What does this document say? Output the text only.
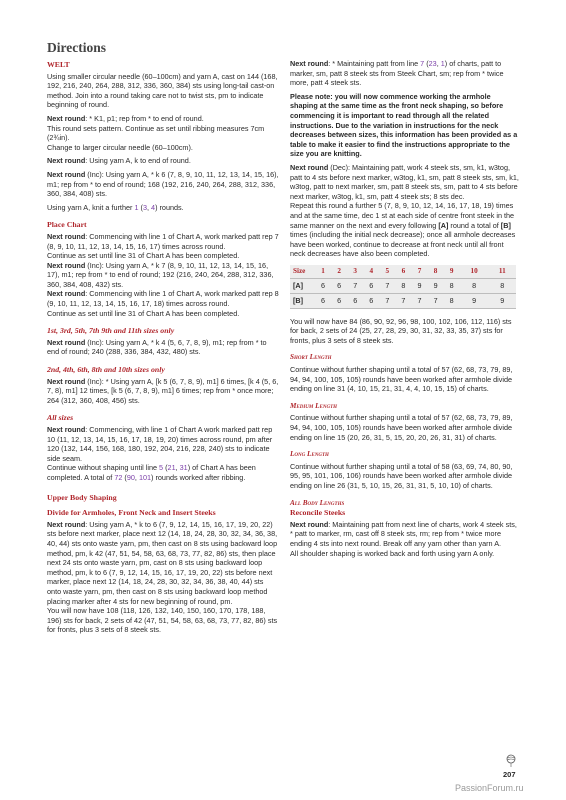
Directions
WELT

Using smaller circular needle (60–100cm) and yarn A, cast on 144 (168, 192, 216, 240, 264, 288, 312, 336, 360, 384) sts using long-tail cast-on method. Join into a round taking care not to twist sts, pm to indicate beginning of round.

Next round: * K1, p1; rep from * to end of round.
This round sets pattern. Continue as set until ribbing measures 7cm (2¾in).
Change to larger circular needle (60–100cm).

Next round: Using yarn A, k to end of round.

Next round (Inc): Using yarn A, * k 6 (7, 8, 9, 10, 11, 12, 13, 14, 15, 16), m1; rep from * to end of round; 168 (192, 216, 240, 264, 288, 312, 336, 360, 384, 408) sts.

Using yarn A, knit a further 1 (3, 4) rounds.

Place Chart

Next round: Commencing with line 1 of Chart A, work marked patt rep 7 (8, 9, 10, 11, 12, 13, 14, 15, 16, 17) times across round.
Continue as set until line 31 of Chart A has been completed.
Next round (Inc): Using yarn A, * k 7 (8, 9, 10, 11, 12, 13, 14, 15, 16, 17), m1; rep from * to end of round; 192 (216, 240, 264, 288, 312, 336, 360, 384, 408, 432) sts.
Next round: Commencing with line 1 of Chart A, work marked patt rep 8 (9, 10, 11, 12, 13, 14, 15, 16, 17, 18) times across round.
Continue as set until line 31 of Chart A has been completed.

1st, 3rd, 5th, 7th 9th and 11th sizes only

Next round (Inc): Using yarn A, * k 4 (5, 6, 7, 8, 9), m1; rep from * to end of round; 240 (288, 336, 384, 432, 480) sts.

2nd, 4th, 6th, 8th and 10th sizes only

Next round (Inc): * Using yarn A, [k 5 (6, 7, 8, 9), m1] 6 times, [k 4 (5, 6, 7, 8), m1] 12 times, [k 5 (6, 7, 8, 9), m1] 6 times; rep from * once more; 264 (312, 360, 408, 456) sts.

All sizes

Next round: Commencing, with line 1 of Chart A work marked patt rep 10 (11, 12, 13, 14, 15, 16, 17, 18, 19, 20) times across round, pm after 120 (132, 144, 156, 168, 180, 192, 204, 216, 228, 240) sts to indicate side seam.
Continue without shaping until line 5 (21, 31) of Chart A has been completed. A total of 72 (90, 101) rounds worked after ribbing.

Upper Body Shaping
Divide for Armholes, Front Neck and Insert Steeks

Next round: Using yarn A, * k to 6 (7, 9, 12, 14, 15, 16, 17, 19, 20, 22) sts before next marker, place next 12 (14, 18, 24, 28, 30, 32, 34, 36, 38, 40, 44) sts onto waste yarn, pm, then cast on 8 sts using backward loop method, pm, k 42 (47, 51, 54, 58, 63, 68, 73, 77, 82, 86) sts, then place next 24 sts onto waste yarn, pm, cast on 8 sts using backward loop method, pm, k to 6 (7, 9, 12, 14, 15, 16, 17, 19, 20, 22) sts before next marker, place next 12 (14, 18, 24, 28, 30, 32, 34, 36, 38, 40, 44) sts onto waste yarn, pm, then cast on 8 sts using backward loop method placing marker after 4 sts for new beginning of round, pm.
You will now have 108 (118, 126, 132, 140, 150, 160, 170, 178, 188, 196) sts for back, 2 sets of 42 (47, 51, 54, 58, 63, 68, 73, 77, 82, 86) sts for fronts, plus 3 sets of 8 steek sts.

Next round: * Maintaining patt from line 7 (23, 1) of charts, patt to marker, sm, patt 8 steek sts from Steek Chart, sm; rep from * twice more, patt 4 steek sts.

Please note: you will now commence working the armhole shaping at the same time as the front neck shaping, so before commencing it is important to read through all the related instructions. Due to the variation in instructions for the neck decreases between sizes, this information has been provided as a table to make it easier to find the instructions appropriate to the size you are knitting.

Next round (Dec): Maintaining patt, work 4 steek sts, sm, k1, w3tog, patt to 4 sts before next marker, w3tog, k1, sm, patt 8 steek sts, sm, k1, w3tog, patt to next marker, sm, patt 8 steek sts, sm, patt to 4 sts before next marker, w3tog, k1, sm, patt 4 steek sts; 8 sts dec.
Repeat this round a further 5 (7, 8, 9, 10, 12, 14, 16, 17, 18, 19) times and at the same time, dec 1 st at each side of centre front steek in the same manner on the next and every following [A] round a total of [B] times (including the initial neck decrease); once all armhole decreases have been worked, continue to decrease at front neck until all front neck decreases have also been completed.

Size	1	2	3	4	5	6	7	8	9	10	11
[A]	6	6	7	6	7	8	9	9	8	8	8
[B]	6	6	6	6	7	7	7	7	8	9	9

You will now have 84 (86, 90, 92, 96, 98, 100, 102, 106, 112, 116) sts for back, 2 sets of 24 (25, 27, 28, 29, 30, 31, 32, 33, 35, 37) sts for fronts, plus 3 sets of 8 steek sts.

Short Length

Continue without further shaping until a total of 57 (62, 68, 73, 79, 89, 94, 94, 100, 105, 105) rounds have been worked after armhole divide ending on line 31 (4, 10, 15, 21, 31, 4, 4, 10, 15, 15) of charts.

Medium Length

Continue without further shaping until a total of 57 (62, 68, 73, 79, 89, 94, 94, 100, 105, 105) rounds have been worked after armhole divide ending on line 15 (20, 26, 31, 5, 15, 20, 20, 26, 31, 31) of charts.

Long Length

Continue without further shaping until a total of 58 (63, 69, 74, 80, 90, 95, 95, 101, 106, 106) rounds have been worked after armhole divide ending on line 26 (31, 5, 10, 15, 26, 31, 31, 5, 10, 10) of charts.

All Body Lengths
Reconcile Steeks

Next round: Maintaining patt from next line of charts, work 4 steek sts, * patt to marker, rm, cast off 8 steek sts, rm; rep from * twice more ending 4 sts into next round. Break off any yarn other than yarn A.
All shoulder shaping is worked back and forth using yarn A only.

207
PassionForum.ru
